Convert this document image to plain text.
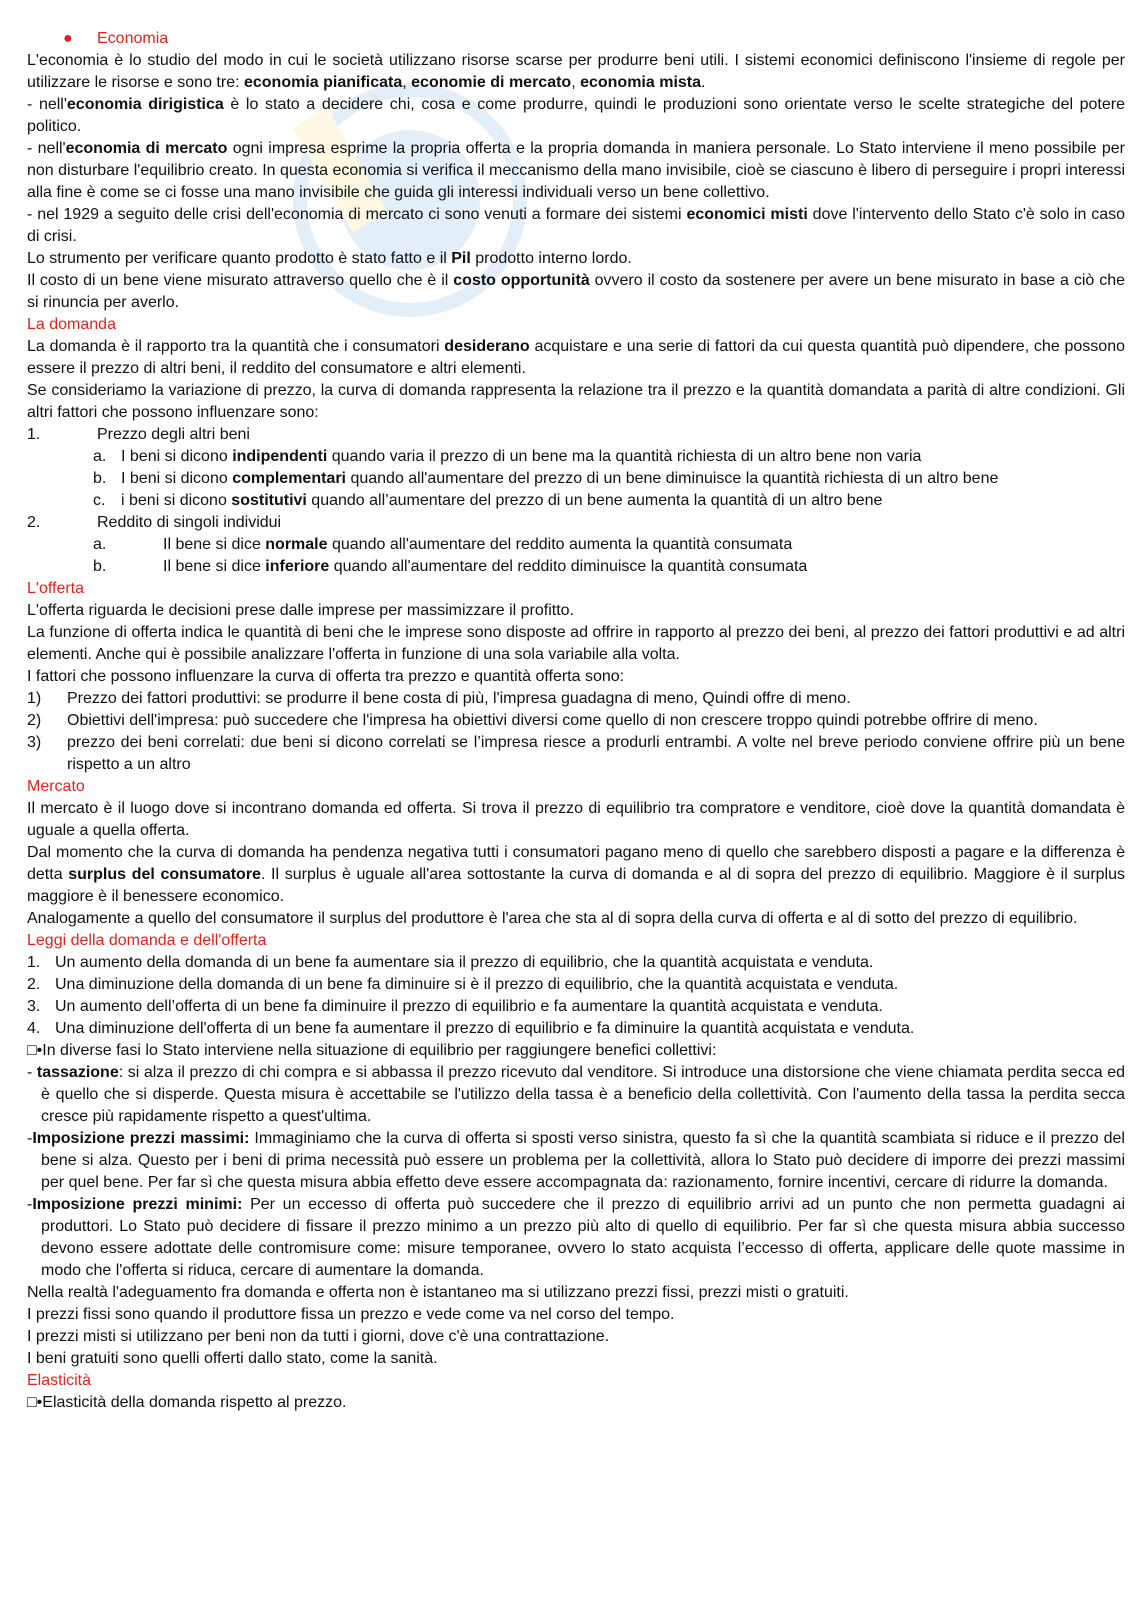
● Economia

L'economia è lo studio del modo in cui le società utilizzano risorse scarse per produrre beni utili. I sistemi economici definiscono l'insieme di regole per utilizzare le risorse e sono tre: economia pianificata, economie di mercato, economia mista.

- nell'economia dirigistica è lo stato a decidere chi, cosa e come produrre, quindi le produzioni sono orientate verso le scelte strategiche del potere politico.

- nell'economia di mercato ogni impresa esprime la propria offerta e la propria domanda in maniera personale. Lo Stato interviene il meno possibile per non disturbare l'equilibrio creato. In questa economia si verifica il meccanismo della mano invisibile, cioè se ciascuno è libero di perseguire i propri interessi alla fine è come se ci fosse una mano invisibile che guida gli interessi individuali verso un bene collettivo.

- nel 1929 a seguito delle crisi dell'economia di mercato ci sono venuti a formare dei sistemi economici misti dove l'intervento dello Stato c'è solo in caso di crisi.

Lo strumento per verificare quanto prodotto è stato fatto e il Pil prodotto interno lordo.

Il costo di un bene viene misurato attraverso quello che è il costo opportunità ovvero il costo da sostenere per avere un bene misurato in base a ciò che si rinuncia per averlo.

La domanda

La domanda è il rapporto tra la quantità che i consumatori desiderano acquistare e una serie di fattori da cui questa quantità può dipendere, che possono essere il prezzo di altri beni, il reddito del consumatore e altri elementi.

Se consideriamo la variazione di prezzo, la curva di domanda rappresenta la relazione tra il prezzo e la quantità domandata a parità di altre condizioni. Gli altri fattori che possono influenzare sono:

1.	Prezzo degli altri beni
a. I beni si dicono indipendenti quando varia il prezzo di un bene ma la quantità richiesta di un altro bene non varia
b. I beni si dicono complementari quando all'aumentare del prezzo di un bene diminuisce la quantità richiesta di un altro bene
c. i beni si dicono sostitutivi quando all’aumentare del prezzo di un bene aumenta la quantità di un altro bene
2.	Reddito di singoli individui
a.	Il bene si dice normale quando all'aumentare del reddito aumenta la quantità consumata
b.	Il bene si dice inferiore quando all'aumentare del reddito diminuisce la quantità consumata

L'offerta

L'offerta riguarda le decisioni prese dalle imprese per massimizzare il profitto.

La funzione di offerta indica le quantità di beni che le imprese sono disposte ad offrire in rapporto al prezzo dei beni, al prezzo dei fattori produttivi e ad altri elementi. Anche qui è possibile analizzare l'offerta in funzione di una sola variabile alla volta.

I fattori che possono influenzare la curva di offerta tra prezzo e quantità offerta sono:

1)	Prezzo dei fattori produttivi: se produrre il bene costa di più, l'impresa guadagna di meno, Quindi offre di meno.
2)	Obiettivi dell'impresa: può succedere che l'impresa ha obiettivi diversi come quello di non crescere troppo quindi potrebbe offrire di meno.
3)	prezzo dei beni correlati: due beni si dicono correlati se l’impresa riesce a produrli entrambi. A volte nel breve periodo conviene offrire più un bene rispetto a un altro

Mercato

Il mercato è il luogo dove si incontrano domanda ed offerta. Si trova il prezzo di equilibrio tra compratore e venditore, cioè dove la quantità domandata è uguale a quella offerta.

Dal momento che la curva di domanda ha pendenza negativa tutti i consumatori pagano meno di quello che sarebbero disposti a pagare e la differenza è detta surplus del consumatore. Il surplus è uguale all'area sottostante la curva di domanda e al di sopra del prezzo di equilibrio. Maggiore è il surplus maggiore è il benessere economico.

Analogamente a quello del consumatore il surplus del produttore è l'area che sta al di sopra della curva di offerta e al di sotto del prezzo di equilibrio.

Leggi della domanda e dell'offerta

1. Un aumento della domanda di un bene fa aumentare sia il prezzo di equilibrio, che la quantità acquistata e venduta.
2. Una diminuzione della domanda di un bene fa diminuire si è il prezzo di equilibrio, che la quantità acquistata e venduta.
3. Un aumento dell’offerta di un bene fa diminuire il prezzo di equilibrio e fa aumentare la quantità acquistata e venduta.
4. Una diminuzione dell'offerta di un bene fa aumentare il prezzo di equilibrio e fa diminuire la quantità acquistata e venduta.

□•In diverse fasi lo Stato interviene nella situazione di equilibrio per raggiungere benefici collettivi:

- tassazione: si alza il prezzo di chi compra e si abbassa il prezzo ricevuto dal venditore. Si introduce una distorsione che viene chiamata perdita secca ed è quello che si disperde. Questa misura è accettabile se l'utilizzo della tassa è a beneficio della collettività. Con l'aumento della tassa la perdita secca cresce più rapidamente rispetto a quest'ultima.

-Imposizione prezzi massimi: Immaginiamo che la curva di offerta si sposti verso sinistra, questo fa sì che la quantità scambiata si riduce e il prezzo del bene si alza. Questo per i beni di prima necessità può essere un problema per la collettività, allora lo Stato può decidere di imporre dei prezzi massimi per quel bene. Per far sì che questa misura abbia effetto deve essere accompagnata da: razionamento, fornire incentivi, cercare di ridurre la domanda.

-Imposizione prezzi minimi: Per un eccesso di offerta può succedere che il prezzo di equilibrio arrivi ad un punto che non permetta guadagni ai produttori. Lo Stato può decidere di fissare il prezzo minimo a un prezzo più alto di quello di equilibrio. Per far sì che questa misura abbia successo devono essere adottate delle contromisure come: misure temporanee, ovvero lo stato acquista l’eccesso di offerta, applicare delle quote massime in modo che l'offerta si riduca, cercare di aumentare la domanda.

Nella realtà l'adeguamento fra domanda e offerta non è istantaneo ma si utilizzano prezzi fissi, prezzi misti o gratuiti.

I prezzi fissi sono quando il produttore fissa un prezzo e vede come va nel corso del tempo.

I prezzi misti si utilizzano per beni non da tutti i giorni, dove c'è una contrattazione.

I beni gratuiti sono quelli offerti dallo stato, come la sanità.

Elasticità

□•Elasticità della domanda rispetto al prezzo.
